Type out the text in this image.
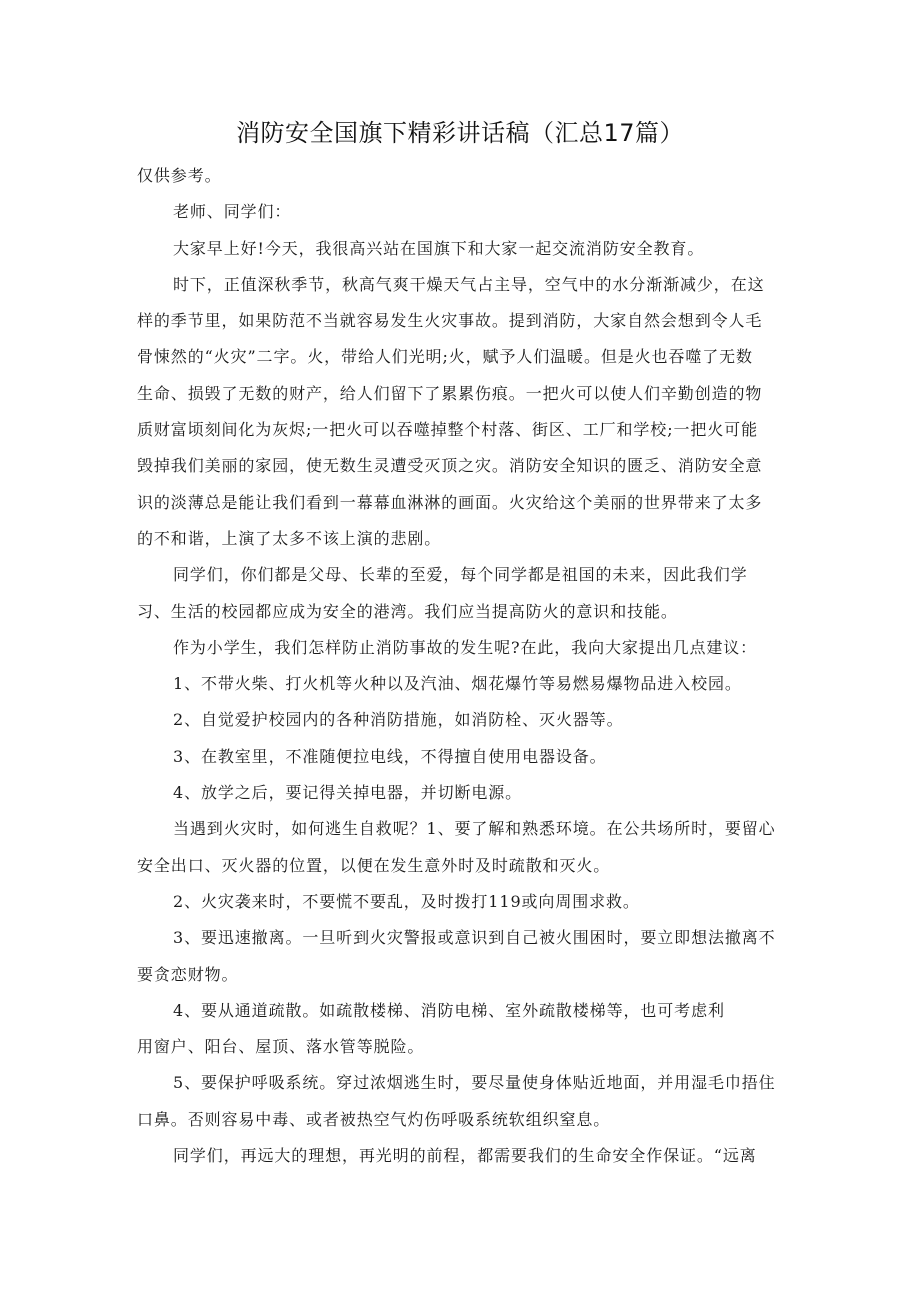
消防安全国旗下精彩讲话稿（汇总17篇）

仅供参考。

老师、同学们：

大家早上好!今天，我很高兴站在国旗下和大家一起交流消防安全教育。

时下，正值深秋季节，秋高气爽干燥天气占主导，空气中的水分渐渐减少，在这

样的季节里，如果防范不当就容易发生火灾事故。提到消防，大家自然会想到令人毛

骨悚然的“火灾”二字。火，带给人们光明;火，赋予人们温暖。但是火也吞噬了无数

生命、损毁了无数的财产，给人们留下了累累伤痕。一把火可以使人们辛勤创造的物

质财富顷刻间化为灰烬;一把火可以吞噬掉整个村落、街区、工厂和学校;一把火可能

毁掉我们美丽的家园，使无数生灵遭受灭顶之灾。消防安全知识的匮乏、消防安全意

识的淡薄总是能让我们看到一幕幕血淋淋的画面。火灾给这个美丽的世界带来了太多

的不和谐，上演了太多不该上演的悲剧。

同学们，你们都是父母、长辈的至爱，每个同学都是祖国的未来，因此我们学

习、生活的校园都应成为安全的港湾。我们应当提高防火的意识和技能。

作为小学生，我们怎样防止消防事故的发生呢?在此，我向大家提出几点建议：

1、不带火柴、打火机等火种以及汽油、烟花爆竹等易燃易爆物品进入校园。

2、自觉爱护校园内的各种消防措施，如消防栓、灭火器等。

3、在教室里，不准随便拉电线，不得擅自使用电器设备。

4、放学之后，要记得关掉电器，并切断电源。

当遇到火灾时，如何逃生自救呢？1、要了解和熟悉环境。在公共场所时，要留心

安全出口、灭火器的位置，以便在发生意外时及时疏散和灭火。

2、火灾袭来时，不要慌不要乱，及时拨打119或向周围求救。

3、要迅速撤离。一旦听到火灾警报或意识到自己被火围困时，要立即想法撤离不

要贪恋财物。

4、要从通道疏散。如疏散楼梯、消防电梯、室外疏散楼梯等，也可考虑利

用窗户、阳台、屋顶、落水管等脱险。

5、要保护呼吸系统。穿过浓烟逃生时，要尽量使身体贴近地面，并用湿毛巾捂住

口鼻。否则容易中毒、或者被热空气灼伤呼吸系统软组织窒息。

同学们，再远大的理想，再光明的前程，都需要我们的生命安全作保证。“远离
